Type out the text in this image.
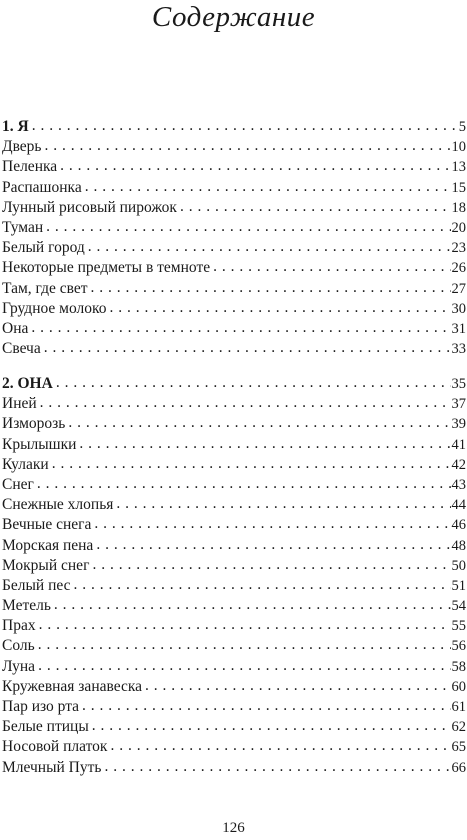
Содержание
1. Я . . .	5
Дверь . . .	10
Пеленка . . .	13
Распашонка . . .	15
Лунный рисовый пирожок . . .	18
Туман . . .	20
Белый город . . .	23
Некоторые предметы в темноте . . .	26
Там, где свет . . .	27
Грудное молоко . . .	30
Она . . .	31
Свеча . . .	33
2. ОНА . . .	35
Иней . . .	37
Изморозь . . .	39
Крылышки . . .	41
Кулаки . . .	42
Снег . . .	43
Снежные хлопья . . .	44
Вечные снега . . .	46
Морская пена . . .	48
Мокрый снег . . .	50
Белый пес . . .	51
Метель . . .	54
Прах . . .	55
Соль . . .	56
Луна . . .	58
Кружевная занавеска . . .	60
Пар изо рта . . .	61
Белые птицы . . .	62
Носовой платок . . .	65
Млечный Путь . . .	66
126
